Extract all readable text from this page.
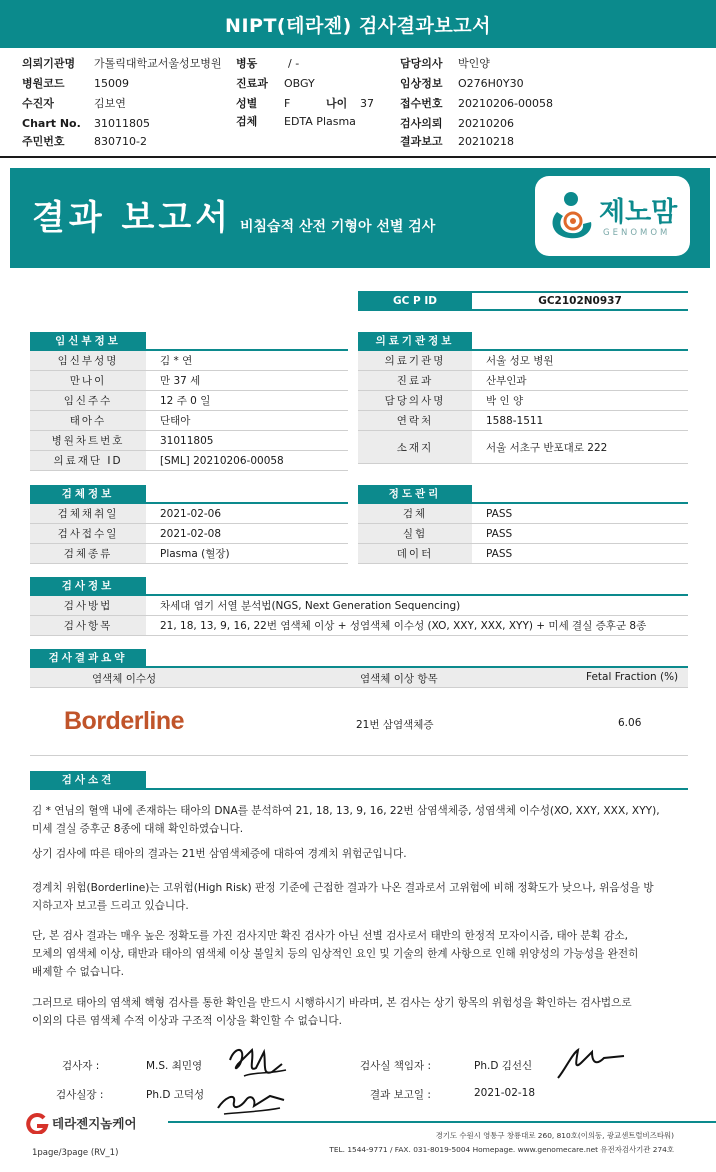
NIPT(테라젠) 검사결과보고서
의뢰기관명	가톨릭대학교서울성모병원 병동	/ -	담당의사	박인양
병원코드	15009	진료과	OBGY	임상정보	O276H0Y30
수진자	김보연	성별	F	나이	37 접수번호	20210206-00058
Chart No.	31011805	검체	EDTA Plasma	검사의뢰	20210206
주민번호	830710-2	결과보고	20210218
결과 보고서 비침습적 산전 기형아 선별 검사	제노맘
GENOMOM
GC P ID	GC2102N0937
임신부정보
임신부성명	김 * 연
만나이	만 37 세
임신주수	12 주 0 일
태아수	단태아
병원차트번호	31011805
의료재단 ID	[SML] 20210206-00058
의료기관정보
의료기관명	서울 성모 병원
진료과	산부인과
담당의사명	박 인 양
연락처	1588-1511
소재지	서울 서초구 반포대로 222
검체정보
검체채취일	2021-02-06
검사접수일	2021-02-08
검체종류	Plasma (혈장)
정도관리
검체	PASS
실험	PASS
데이터	PASS
검사정보
검사방법	차세대 염기 서열 분석법(NGS, Next Generation Sequencing)
검사항목	21, 18, 13, 9, 16, 22번 염색체 이상 + 성염색체 이수성 (XO, XXY, XXX, XYY) + 미세 결실 증후군 8종
검사결과요약
염색체 이수성	염색체 이상 항목	Fetal Fraction (%)
Borderline	21번 삼염색체증	6.06
검사소견
김 * 연님의 혈액 내에 존재하는 태아의 DNA를 분석하여 21, 18, 13, 9, 16, 22번 삼염색체증, 성염색체 이수성(XO, XXY, XXX, XYY),
미세 결실 증후군 8종에 대해 확인하였습니다.
상기 검사에 따른 태아의 결과는 21번 삼염색체증에 대하여 경계치 위험군입니다.
경계치 위험(Borderline)는 고위험(High Risk) 판정 기준에 근접한 결과가 나온 결과로서 고위험에 비해 정확도가 낮으나, 위음성을 방
지하고자 보고를 드리고 있습니다.
단, 본 검사 결과는 매우 높은 정확도를 가진 검사지만 확진 검사가 아닌 선별 검사로서 태반의 한정적 모자이시즘, 태아 분획 감소,
모체의 염색체 이상, 태반과 태아의 염색체 이상 불일치 등의 임상적인 요인 및 기술의 한계 사항으로 인해 위양성의 가능성을 완전히
배제할 수 없습니다.
그러므로 태아의 염색체 핵형 검사를 통한 확인을 반드시 시행하시기 바라며, 본 검사는 상기 항목의 위험성을 확인하는 검사법으로
이외의 다른 염색체 수적 이상과 구조적 이상을 확인할 수 없습니다.
검사자 :	M.S. 최민영	검사실 책임자 :	Ph.D 김선신
검사실장 :	Ph.D 고덕성	결과 보고일 :	2021-02-18
테라젠지놈케어
경기도 수원시 영통구 창룡대로 260, 810호(이의동, 광교센트럴비즈타워)
TEL. 1544-9771 / FAX. 031-8019-5004 Homepage. www.genomecare.net 유전자검사기관 274호
1page/3page (RV_1)
